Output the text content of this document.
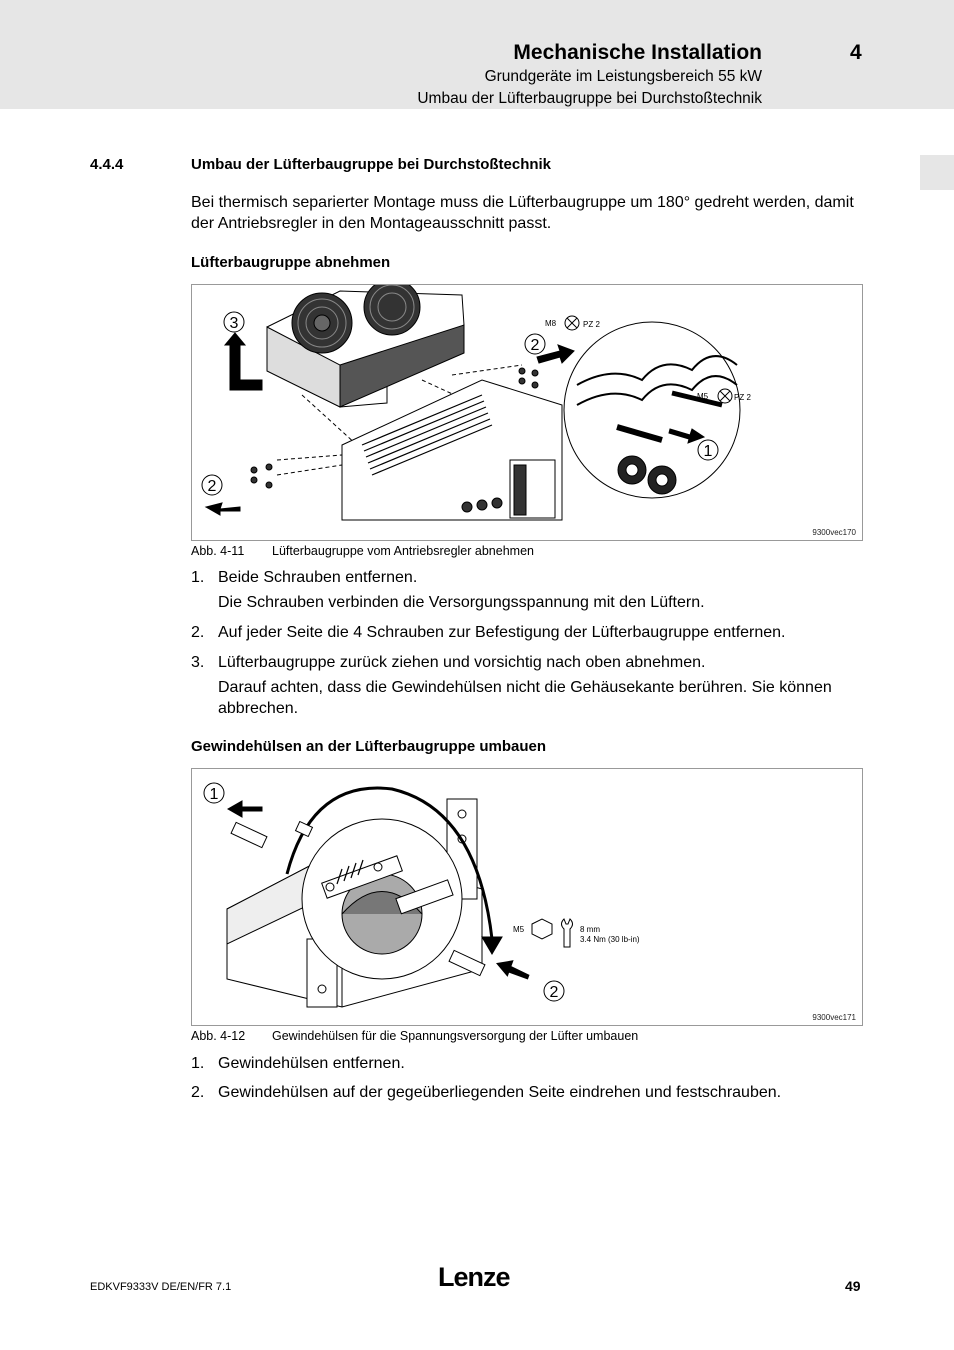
Mechanische Installation	4
Grundgeräte im Leistungsbereich 55 kW
Umbau der Lüfterbaugruppe bei Durchstoßtechnik
4.4.4	Umbau der Lüfterbaugruppe bei Durchstoßtechnik
Bei thermisch separierter Montage muss die Lüfterbaugruppe um 180° gedreht werden, damit der Antriebsregler in den Montageausschnitt passt.
Lüfterbaugruppe abnehmen
3
2
2
1
M8	PZ 2
M5	PZ 2
9300vec170
Abb. 4-11 Lüfterbaugruppe vom Antriebsregler abnehmen
1. Beide Schrauben entfernen.
Die Schrauben verbinden die Versorgungsspannung mit den Lüftern.
2. Auf jeder Seite die 4 Schrauben zur Befestigung der Lüfterbaugruppe entfernen.
3. Lüfterbaugruppe zurück ziehen und vorsichtig nach oben abnehmen.
Darauf achten, dass die Gewindehülsen nicht die Gehäusekante berühren. Sie können abbrechen.
Gewindehülsen an der Lüfterbaugruppe umbauen
1
2
M5	8 mm
3.4 Nm (30 lb-in)
9300vec171
Abb. 4-12 Gewindehülsen für die Spannungsversorgung der Lüfter umbauen
1. Gewindehülsen entfernen.
2. Gewindehülsen auf der gegeüberliegenden Seite eindrehen und festschrauben.
EDKVF9333V DE/EN/FR 7.1	Lenze	49
